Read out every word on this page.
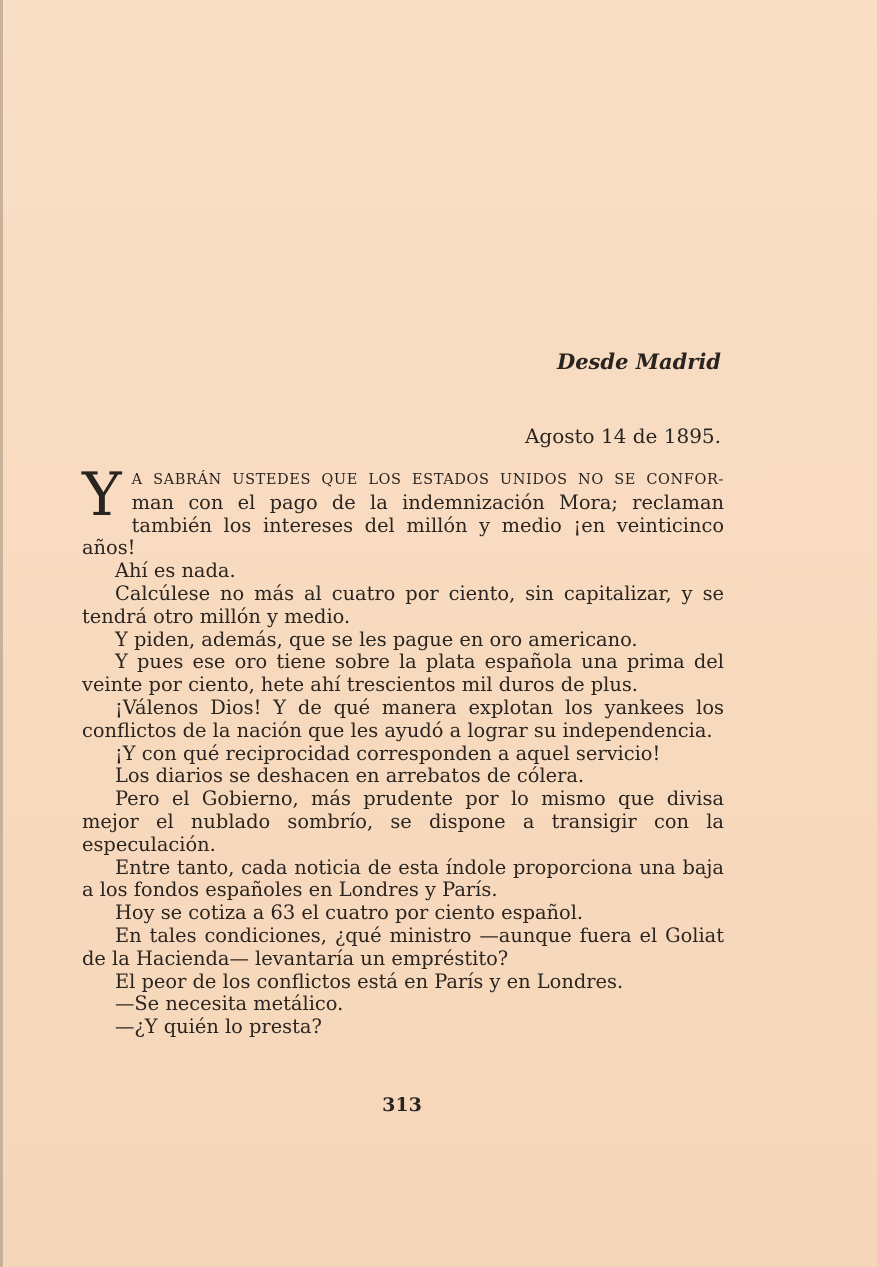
Desde Madrid
Agosto 14 de 1895.

Y A SABRÁN USTEDES QUE LOS ESTADOS UNIDOS NO SE CONFOR- man con el pago de la indemnización Mora; reclaman también los intereses del millón y medio ¡en veinticinco años!

Ahí es nada.

Calcúlese no más al cuatro por ciento, sin capitalizar, y se tendrá otro millón y medio.

Y piden, además, que se les pague en oro americano.

Y pues ese oro tiene sobre la plata española una prima del veinte por ciento, hete ahí trescientos mil duros de plus.

¡Válenos Dios! Y de qué manera explotan los yankees los conflictos de la nación que les ayudó a lograr su independencia.

¡Y con qué reciprocidad corresponden a aquel servicio!

Los diarios se deshacen en arrebatos de cólera.

Pero el Gobierno, más prudente por lo mismo que divisa mejor el nublado sombrío, se dispone a transigir con la especulación.

Entre tanto, cada noticia de esta índole proporciona una baja a los fondos españoles en Londres y París.

Hoy se cotiza a 63 el cuatro por ciento español.

En tales condiciones, ¿qué ministro —aunque fuera el Goliat de la Hacienda— levantaría un empréstito?

El peor de los conflictos está en París y en Londres.

—Se necesita metálico.

—¿Y quién lo presta?

313
